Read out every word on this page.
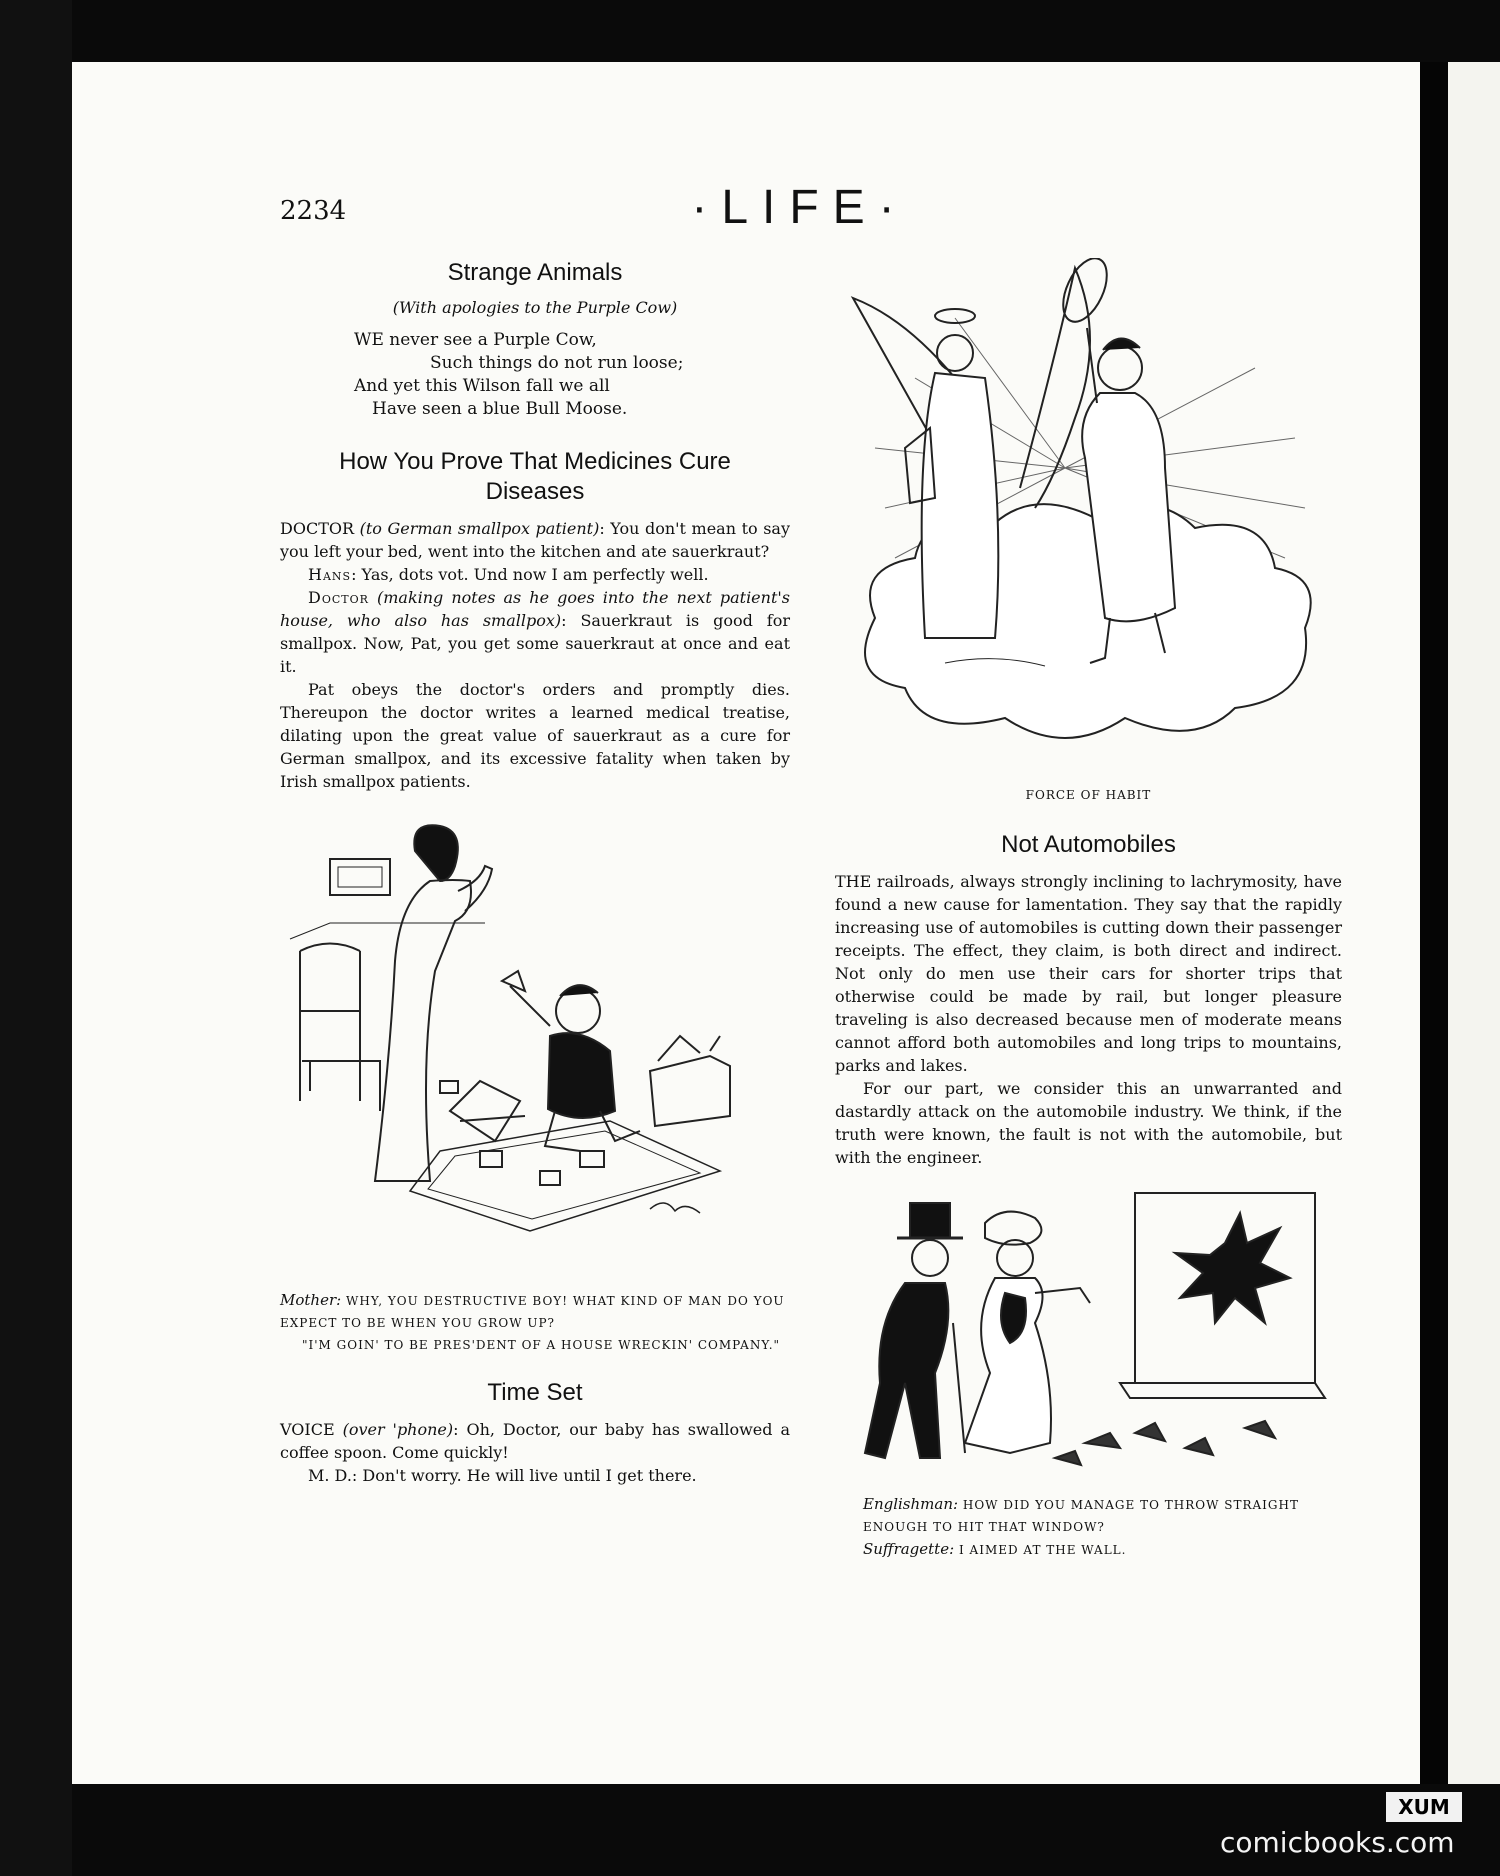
2234	·LIFE·
Strange Animals
(With apologies to the Purple Cow)
WE never see a Purple Cow,
Such things do not run loose;
And yet this Wilson fall we all
Have seen a blue Bull Moose.
How You Prove That Medicines Cure Diseases

DOCTOR (to German smallpox patient): You don't mean to say you left your bed, went into the kitchen and ate sauerkraut?

Hans: Yas, dots vot. Und now I am perfectly well.

Doctor (making notes as he goes into the next patient's house, who also has smallpox): Sauerkraut is good for smallpox. Now, Pat, you get some sauerkraut at once and eat it.

Pat obeys the doctor's orders and promptly dies. Thereupon the doctor writes a learned medical treatise, dilating upon the great value of sauerkraut as a cure for German smallpox, and its excessive fatality when taken by Irish smallpox patients.

Mother: WHY, YOU DESTRUCTIVE BOY! WHAT KIND OF MAN DO YOU EXPECT TO BE WHEN YOU GROW UP?
"I'M GOIN' TO BE PRES'DENT OF A HOUSE WRECKIN' COMPANY."
Time Set

VOICE (over 'phone): Oh, Doctor, our baby has swallowed a coffee spoon. Come quickly!

M. D.: Don't worry. He will live until I get there.

FORCE OF HABIT
Not Automobiles

THE railroads, always strongly inclining to lachrymosity, have found a new cause for lamentation. They say that the rapidly increasing use of automobiles is cutting down their passenger receipts. The effect, they claim, is both direct and indirect. Not only do men use their cars for shorter trips that otherwise could be made by rail, but longer pleasure traveling is also decreased because men of moderate means cannot afford both automobiles and long trips to mountains, parks and lakes.

For our part, we consider this an unwarranted and dastardly attack on the automobile industry. We think, if the truth were known, the fault is not with the automobile, but with the engineer.

Englishman: HOW DID YOU MANAGE TO THROW STRAIGHT ENOUGH TO HIT THAT WINDOW?
Suffragette: I AIMED AT THE WALL.
XUM
comicbooks.com
